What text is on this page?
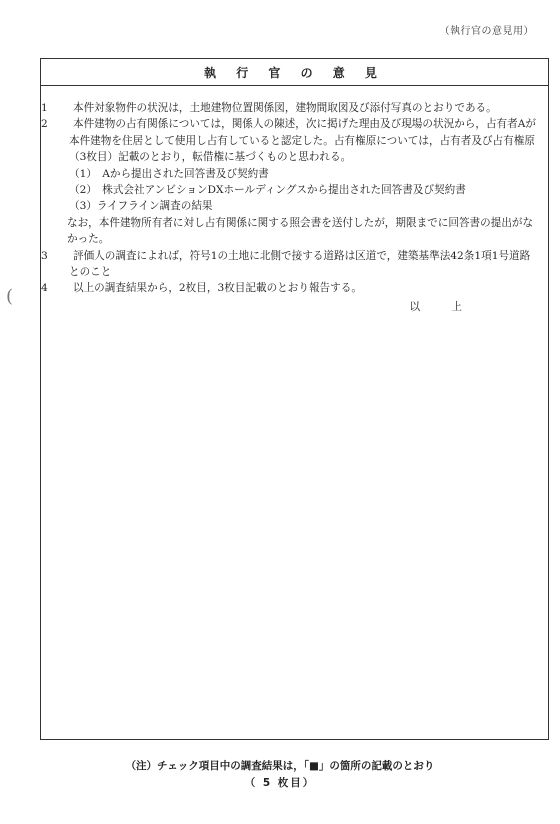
（執行官の意見用）
(
執 行 官 の 意 見

1 本件対象物件の状況は，土地建物位置関係図，建物間取図及び添付写真のとおりである。

2 本件建物の占有関係については，関係人の陳述，次に掲げた理由及び現場の状況から，占有者Aが本件建物を住居として使用し占有していると認定した。占有権原については，占有者及び占有権原（3枚目）記載のとおり，転借権に基づくものと思われる。

（1）　Aから提出された回答書及び契約書

（2）　株式会社アンビションDXホールディングスから提出された回答書及び契約書

（3）ライフライン調査の結果

なお，本件建物所有者に対し占有関係に関する照会書を送付したが，期限までに回答書の提出がなかった。

3 評価人の調査によれば，符号1の土地に北側で接する道路は区道で，建築基準法42条1項1号道路とのこと

4 以上の調査結果から，2枚目，3枚目記載のとおり報告する。

以 上

（注）チェック項目中の調査結果は，「■」の箇所の記載のとおり
（ 5 枚目）
